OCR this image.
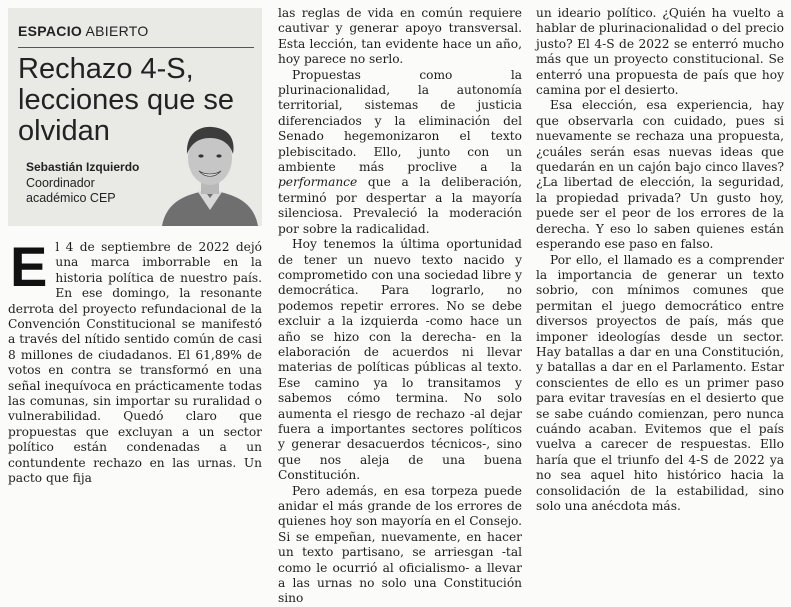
ESPACIO ABIERTO
Rechazo 4-S, lecciones que se olvidan
Sebastián Izquierdo
Coordinador académico CEP

El 4 de septiembre de 2022 dejó una marca imborrable en la historia política de nuestro país. En ese domingo, la resonante derrota del proyecto refundacional de la Convención Constitucional se manifestó a través del nítido sentido común de casi 8 millones de ciudadanos. El 61,89% de votos en contra se transformó en una señal inequívoca en prácticamente todas las comunas, sin importar su ruralidad o vulnerabilidad. Quedó claro que propuestas que excluyan a un sector político están condenadas a un contundente rechazo en las urnas. Un pacto que fija

las reglas de vida en común requiere cautivar y generar apoyo transversal. Esta lección, tan evidente hace un año, hoy parece no serlo.

Propuestas como la plurinacionalidad, la autonomía territorial, sistemas de justicia diferenciados y la eliminación del Senado hegemonizaron el texto plebiscitado. Ello, junto con un ambiente más proclive a la performance que a la deliberación, terminó por despertar a la mayoría silenciosa. Prevaleció la moderación por sobre la radicalidad.

Hoy tenemos la última oportunidad de tener un nuevo texto nacido y comprometido con una sociedad libre y democrática. Para lograrlo, no podemos repetir errores. No se debe excluir a la izquierda -como hace un año se hizo con la derecha- en la elaboración de acuerdos ni llevar materias de políticas públicas al texto. Ese camino ya lo transitamos y sabemos cómo termina. No solo aumenta el riesgo de rechazo -al dejar fuera a importantes sectores políticos y generar desacuerdos técnicos-, sino que nos aleja de una buena Constitución.

Pero además, en esa torpeza puede anidar el más grande de los errores de quienes hoy son mayoría en el Consejo. Si se empeñan, nuevamente, en hacer un texto partisano, se arriesgan -tal como le ocurrió al oficialismo- a llevar a las urnas no solo una Constitución sino

un ideario político. ¿Quién ha vuelto a hablar de plurinacionalidad o del precio justo? El 4-S de 2022 se enterró mucho más que un proyecto constitucional. Se enterró una propuesta de país que hoy camina por el desierto.

Esa elección, esa experiencia, hay que observarla con cuidado, pues si nuevamente se rechaza una propuesta, ¿cuáles serán esas nuevas ideas que quedarán en un cajón bajo cinco llaves? ¿La libertad de elección, la seguridad, la propiedad privada? Un gusto hoy, puede ser el peor de los errores de la derecha. Y eso lo saben quienes están esperando ese paso en falso.

Por ello, el llamado es a comprender la importancia de generar un texto sobrio, con mínimos comunes que permitan el juego democrático entre diversos proyectos de país, más que imponer ideologías desde un sector. Hay batallas a dar en una Constitución, y batallas a dar en el Parlamento. Estar conscientes de ello es un primer paso para evitar travesías en el desierto que se sabe cuándo comienzan, pero nunca cuándo acaban. Evitemos que el país vuelva a carecer de respuestas. Ello haría que el triunfo del 4-S de 2022 ya no sea aquel hito histórico hacia la consolidación de la estabilidad, sino solo una anécdota más.
